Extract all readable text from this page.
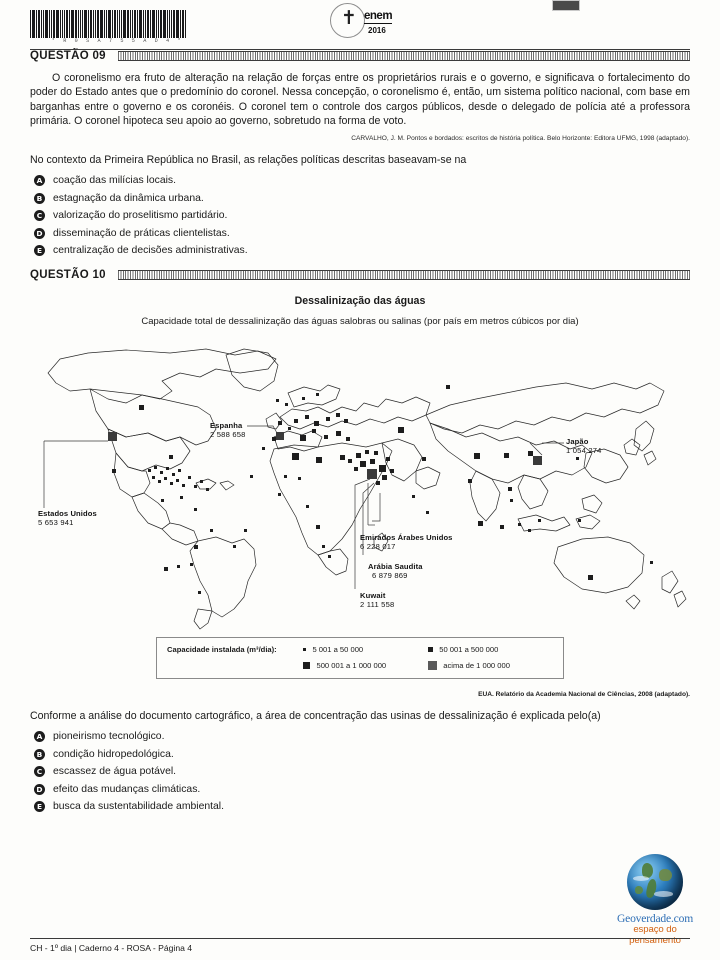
* R 0 S A 7 5 5 A D 4 *
✝ enem
2016
QUESTÃO 09
O coronelismo era fruto de alteração na relação de forças entre os proprietários rurais e o governo, e significava o fortalecimento do poder do Estado antes que o predomínio do coronel. Nessa concepção, o coronelismo é, então, um sistema político nacional, com base em barganhas entre o governo e os coronéis. O coronel tem o controle dos cargos públicos, desde o delegado de polícia até a professora primária. O coronel hipoteca seu apoio ao governo, sobretudo na forma de voto.
CARVALHO, J. M. Pontos e bordados: escritos de história política. Belo Horizonte: Editora UFMG, 1998 (adaptado).
No contexto da Primeira República no Brasil, as relações políticas descritas baseavam-se na
A coação das milícias locais.
B estagnação da dinâmica urbana.
C valorização do proselitismo partidário.
D disseminação de práticas clientelistas.
E centralização de decisões administrativas.
QUESTÃO 10
Dessalinização das águas
Capacidade total de dessalinização das águas salobras ou salinas (por país em metros cúbicos por dia)
Estados Unidos
5 653 941
Espanha
2 588 658
Japão
1 054 274
Emirados Árabes Unidos
6 228 017
Arábia Saudita
6 879 869
Kuwait
2 111 558
Capacidade instalada (m³/dia):	5 001 a 50 000	50 001 a 500 000
500 001 a 1 000 000	acima de 1 000 000
EUA. Relatório da Academia Nacional de Ciências, 2008 (adaptado).
Conforme a análise do documento cartográfico, a área de concentração das usinas de dessalinização é explicada pelo(a)
A pioneirismo tecnológico.
B condição hidropedológica.
C escassez de água potável.
D efeito das mudanças climáticas.
E busca da sustentabilidade ambiental.
Geoverdade.com
espaço do pensamento
CH - 1º dia | Caderno 4 - ROSA - Página 4
